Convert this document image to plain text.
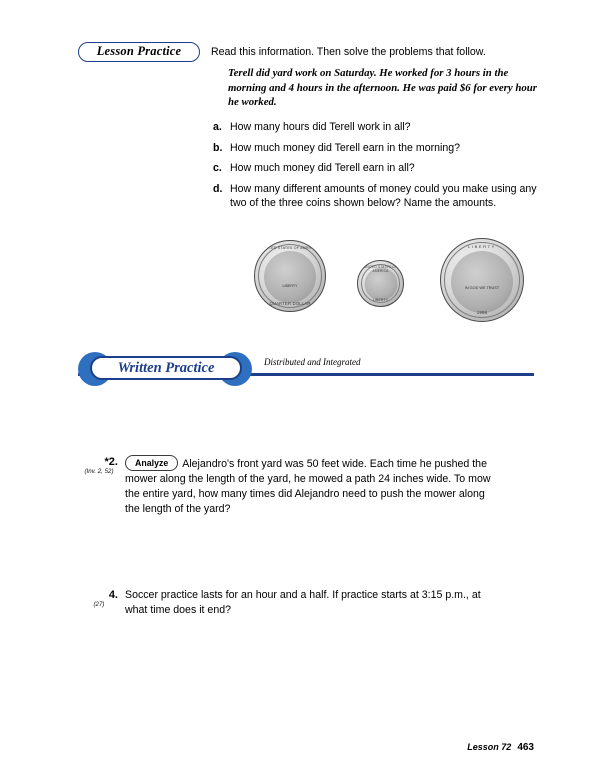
Lesson Practice	Read this information. Then solve the problems that follow.
Terell did yard work on Saturday. He worked for 3 hours in the morning and 4 hours in the afternoon. He was paid $6 for every hour he worked.
a. How many hours did Terell work in all?
b. How much money did Terell earn in the morning?
c. How much money did Terell earn in all?
d. How many different amounts of money could you make using any two of the three coins shown below? Name the amounts.
UNITED STATES OF AMERICA
LIBERTY
QUARTER DOLLAR
UNITED STATES OF AMERICA
LIBERTY
LIBERTY
IN GOD WE TRUST
1996
Written Practice	Distributed and Integrated
*2.
(Inv. 2, 52)
Analyze Alejandro's front yard was 50 feet wide. Each time he pushed the mower along the length of the yard, he mowed a path 24 inches wide. To mow the entire yard, how many times did Alejandro need to push the mower along the length of the yard?
4.
(27)
Soccer practice lasts for an hour and a half. If practice starts at 3:15 p.m., at what time does it end?
Lesson 72 463
